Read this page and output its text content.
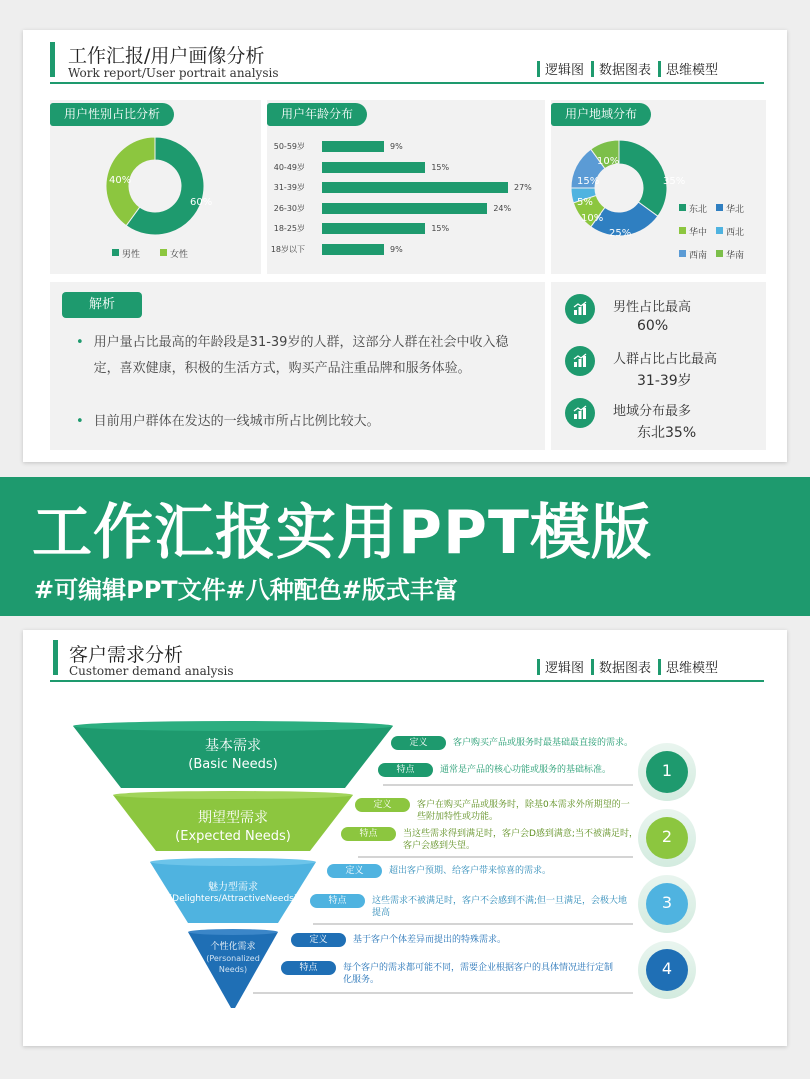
工作汇报/用户画像分析
Work report/User portrait analysis	逻辑图 数据图表 思维模型
用户性别占比分析
60%
40%
男性	女性
用户年龄分布
50-59岁	9%
40-49岁	15%
31-39岁	27%
26-30岁	24%
18-25岁	15%
18岁以下	9%
用户地域分布
35%
25%
10%
5%
15%
10%
东北 华北
华中 西北
西南 华南
解析
• 用户量占比最高的年龄段是31-39岁的人群，这部分人群在社会中收入稳定，喜欢健康，积极的生活方式，购买产品注重品牌和服务体验。
• 目前用户群体在发达的一线城市所占比例比较大。
男性占比最高
60%
人群占比占比最高
31-39岁
地域分布最多
东北35%
工作汇报实用PPT模版
#可编辑PPT文件#八种配色#版式丰富
客户需求分析
Customer demand analysis	逻辑图 数据图表 思维模型
基本需求
(Basic Needs)
期望型需求
(Expected Needs)
魅力型需求
(Delighters/AttractiveNeeds)
个性化需求
(Personalized Needs)
1
2
3
4
定义	客户购买产品或服务时最基础最直接的需求。
特点	通常是产品的核心功能或服务的基础标准。
定义	客户在购买产品或服务时，除基0本需求外所期望的一
些附加特性或功能。
特点	当这些需求得到满足时，客户会D感到满意;当不被满足时，
客户会感到失望。
定义	超出客户预期、给客户带来惊喜的需求。
特点	这些需求不被满足时，客户不会感到不满;但一旦满足，会极大地
提高
定义	基于客户个体差异而提出的特殊需求。
特点	每个客户的需求都可能不同，需要企业根据客户的具体情况进行定制
化服务。
